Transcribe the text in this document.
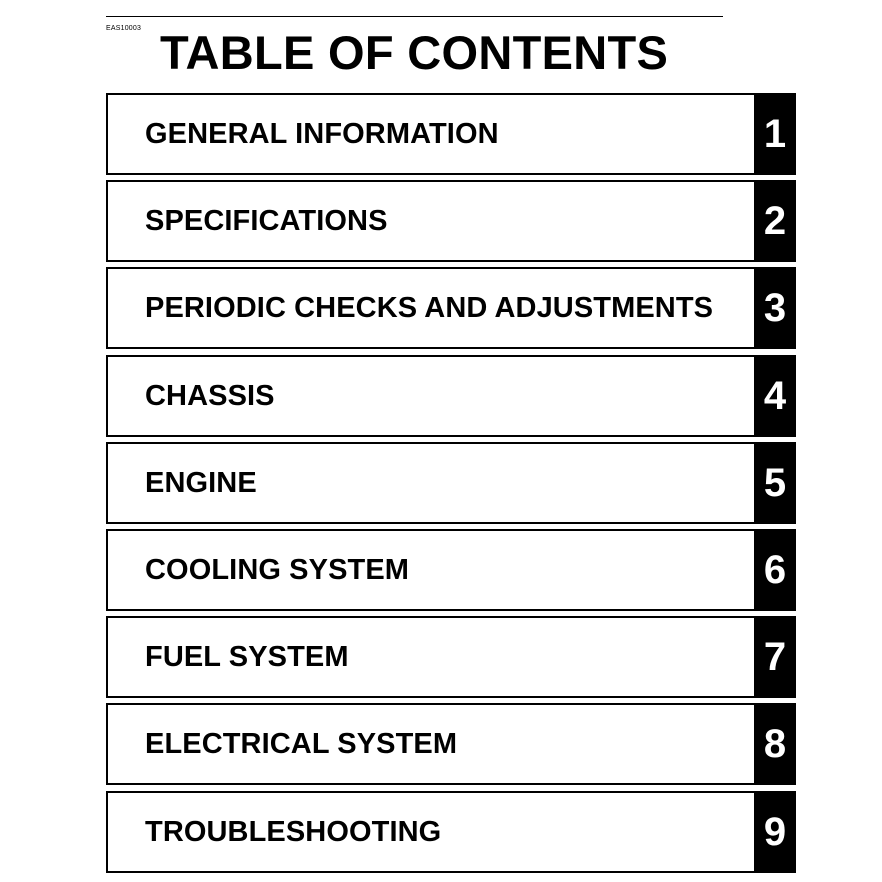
EAS10003 TABLE OF CONTENTS
GENERAL INFORMATION	1
SPECIFICATIONS	2
PERIODIC CHECKS AND ADJUSTMENTS 3
CHASSIS	4
ENGINE	5
COOLING SYSTEM	6
FUEL SYSTEM	7
ELECTRICAL SYSTEM	8
TROUBLESHOOTING	9
